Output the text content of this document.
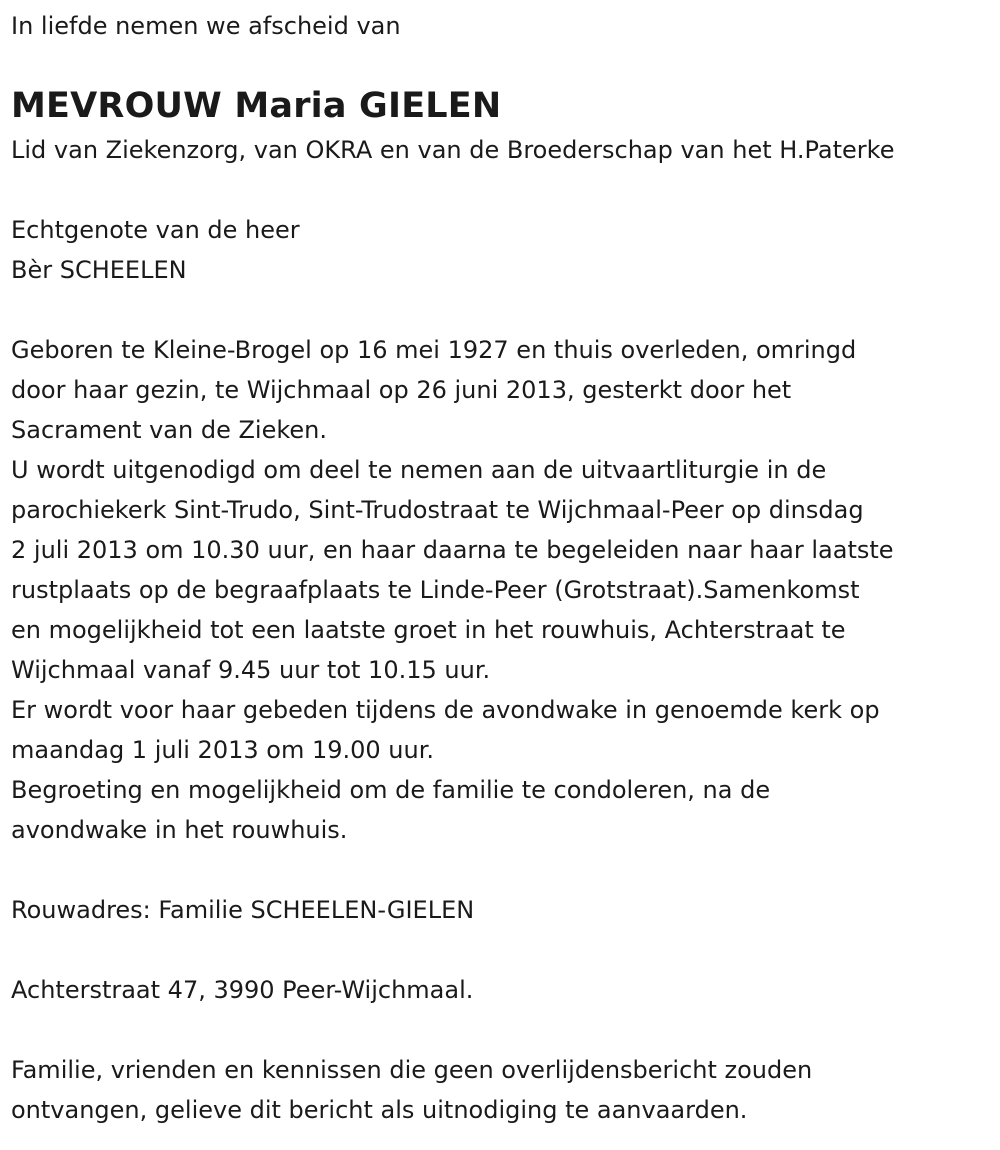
In liefde nemen we afscheid van

MEVROUW Maria GIELEN

Lid van Ziekenzorg, van OKRA en van de Broederschap van het H.Paterke

Echtgenote van de heer
Bèr SCHEELEN
Geboren te Kleine-Brogel op 16 mei 1927 en thuis overleden, omringd
door haar gezin, te Wijchmaal op 26 juni 2013, gesterkt door het
Sacrament van de Zieken.
U wordt uitgenodigd om deel te nemen aan de uitvaartliturgie in de
parochiekerk Sint-Trudo, Sint-Trudostraat te Wijchmaal-Peer op dinsdag
2 juli 2013 om 10.30 uur, en haar daarna te begeleiden naar haar laatste
rustplaats op de begraafplaats te Linde-Peer (Grotstraat).Samenkomst
en mogelijkheid tot een laatste groet in het rouwhuis, Achterstraat te
Wijchmaal vanaf 9.45 uur tot 10.15 uur.
Er wordt voor haar gebeden tijdens de avondwake in genoemde kerk op
maandag 1 juli 2013 om 19.00 uur.
Begroeting en mogelijkheid om de familie te condoleren, na de
avondwake in het rouwhuis.
Rouwadres: Familie SCHEELEN-GIELEN
Achterstraat 47, 3990 Peer-Wijchmaal.
Familie, vrienden en kennissen die geen overlijdensbericht zouden
ontvangen, gelieve dit bericht als uitnodiging te aanvaarden.
